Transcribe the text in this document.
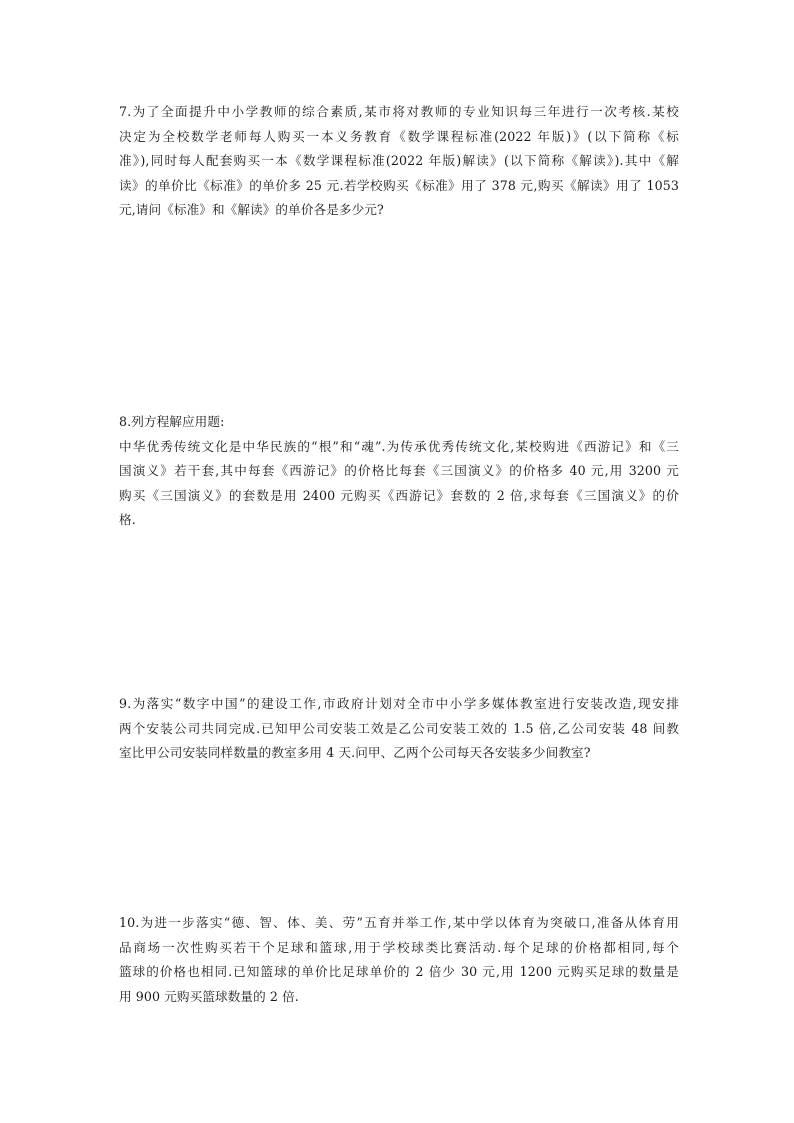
7.为了全面提升中小学教师的综合素质,某市将对教师的专业知识每三年进行一次考核.某校
决定为全校数学老师每人购买一本义务教育《数学课程标准(2022 年版)》(以下简称《标
准》),同时每人配套购买一本《数学课程标准(2022 年版)解读》(以下简称《解读》).其中《解
读》的单价比《标准》的单价多 25 元.若学校购买《标准》用了 378 元,购买《解读》用了 1053
元,请问《标准》和《解读》的单价各是多少元?
8.列方程解应用题:
中华优秀传统文化是中华民族的“根”和“魂”.为传承优秀传统文化,某校购进《西游记》和《三
国演义》若干套,其中每套《西游记》的价格比每套《三国演义》的价格多 40 元,用 3200 元
购买《三国演义》的套数是用 2400 元购买《西游记》套数的 2 倍,求每套《三国演义》的价
格.
9.为落实“数字中国”的建设工作,市政府计划对全市中小学多媒体教室进行安装改造,现安排
两个安装公司共同完成.已知甲公司安装工效是乙公司安装工效的 1.5 倍,乙公司安装 48 间教
室比甲公司安装同样数量的教室多用 4 天.问甲、乙两个公司每天各安装多少间教室?
10.为进一步落实“德、智、体、美、劳”五育并举工作,某中学以体育为突破口,准备从体育用
品商场一次性购买若干个足球和篮球,用于学校球类比赛活动.每个足球的价格都相同,每个
篮球的价格也相同.已知篮球的单价比足球单价的 2 倍少 30 元,用 1200 元购买足球的数量是
用 900 元购买篮球数量的 2 倍.
